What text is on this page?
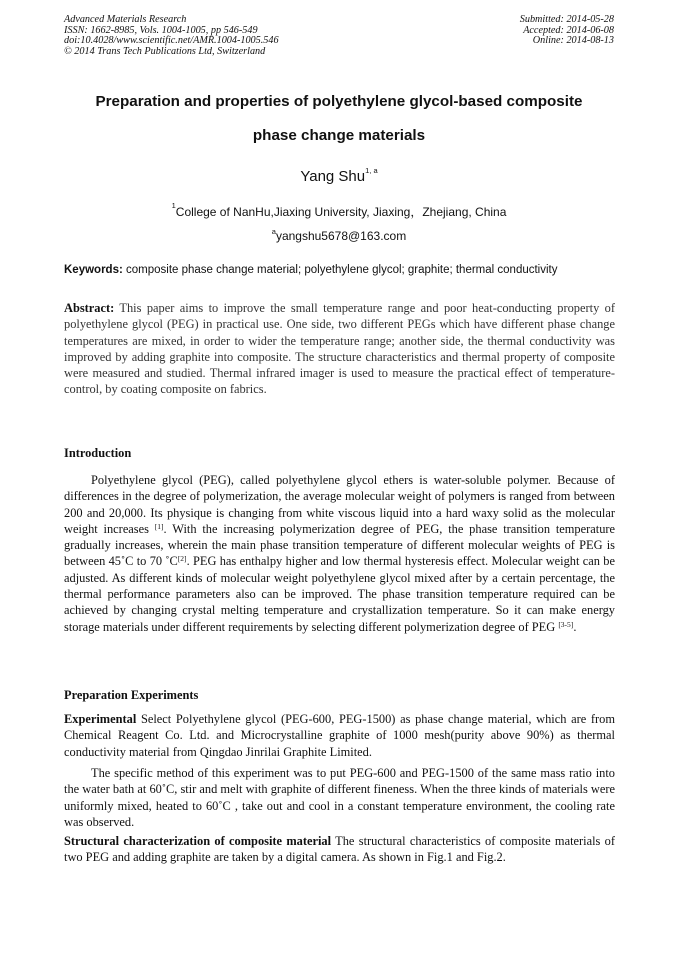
Advanced Materials Research
ISSN: 1662-8985, Vols. 1004-1005, pp 546-549
doi:10.4028/www.scientific.net/AMR.1004-1005.546
© 2014 Trans Tech Publications Ltd, Switzerland
Submitted: 2014-05-28
Accepted: 2014-06-08
Online: 2014-08-13
Preparation and properties of polyethylene glycol-based composite
phase change materials
Yang Shu$^{1, a}$
$^1$College of NanHu,Jiaxing University, Jiaxing，Zhejiang, China
$^a$yangshu5678@163.com
Keywords: composite phase change material; polyethylene glycol; graphite; thermal conductivity
Abstract: This paper aims to improve the small temperature range and poor heat-conducting property of polyethylene glycol (PEG) in practical use. One side, two different PEGs which have different phase change temperatures are mixed, in order to wider the temperature range; another side, the thermal conductivity was improved by adding graphite into composite. The structure characteristics and thermal property of composite were measured and studied. Thermal infrared imager is used to measure the practical effect of temperature-control, by coating composite on fabrics.
Introduction
Polyethylene glycol (PEG), called polyethylene glycol ethers is water-soluble polymer. Because of differences in the degree of polymerization, the average molecular weight of polymers is ranged from between 200 and 20,000. Its physique is changing from white viscous liquid into a hard waxy solid as the molecular weight increases [1]. With the increasing polymerization degree of PEG, the phase transition temperature gradually increases, wherein the main phase transition temperature of different molecular weights of PEG is between 45˚C to 70 ˚C[2]. PEG has enthalpy higher and low thermal hysteresis effect. Molecular weight can be adjusted. As different kinds of molecular weight polyethylene glycol mixed after by a certain percentage, the thermal performance parameters also can be improved. The phase transition temperature required can be achieved by changing crystal melting temperature and crystallization temperature. So it can make energy storage materials under different requirements by selecting different polymerization degree of PEG [3-5].
Preparation Experiments
Experimental Select Polyethylene glycol (PEG-600, PEG-1500) as phase change material, which are from Chemical Reagent Co. Ltd. and Microcrystalline graphite of 1000 mesh(purity above 90%) as thermal conductivity material from Qingdao Jinrilai Graphite Limited.
The specific method of this experiment was to put PEG-600 and PEG-1500 of the same mass ratio into the water bath at 60˚C, stir and melt with graphite of different fineness. When the three kinds of materials were uniformly mixed, heated to 60˚C , take out and cool in a constant temperature environment, the cooling rate was observed.
Structural characterization of composite material The structural characteristics of composite materials of two PEG and adding graphite are taken by a digital camera. As shown in Fig.1 and Fig.2.
